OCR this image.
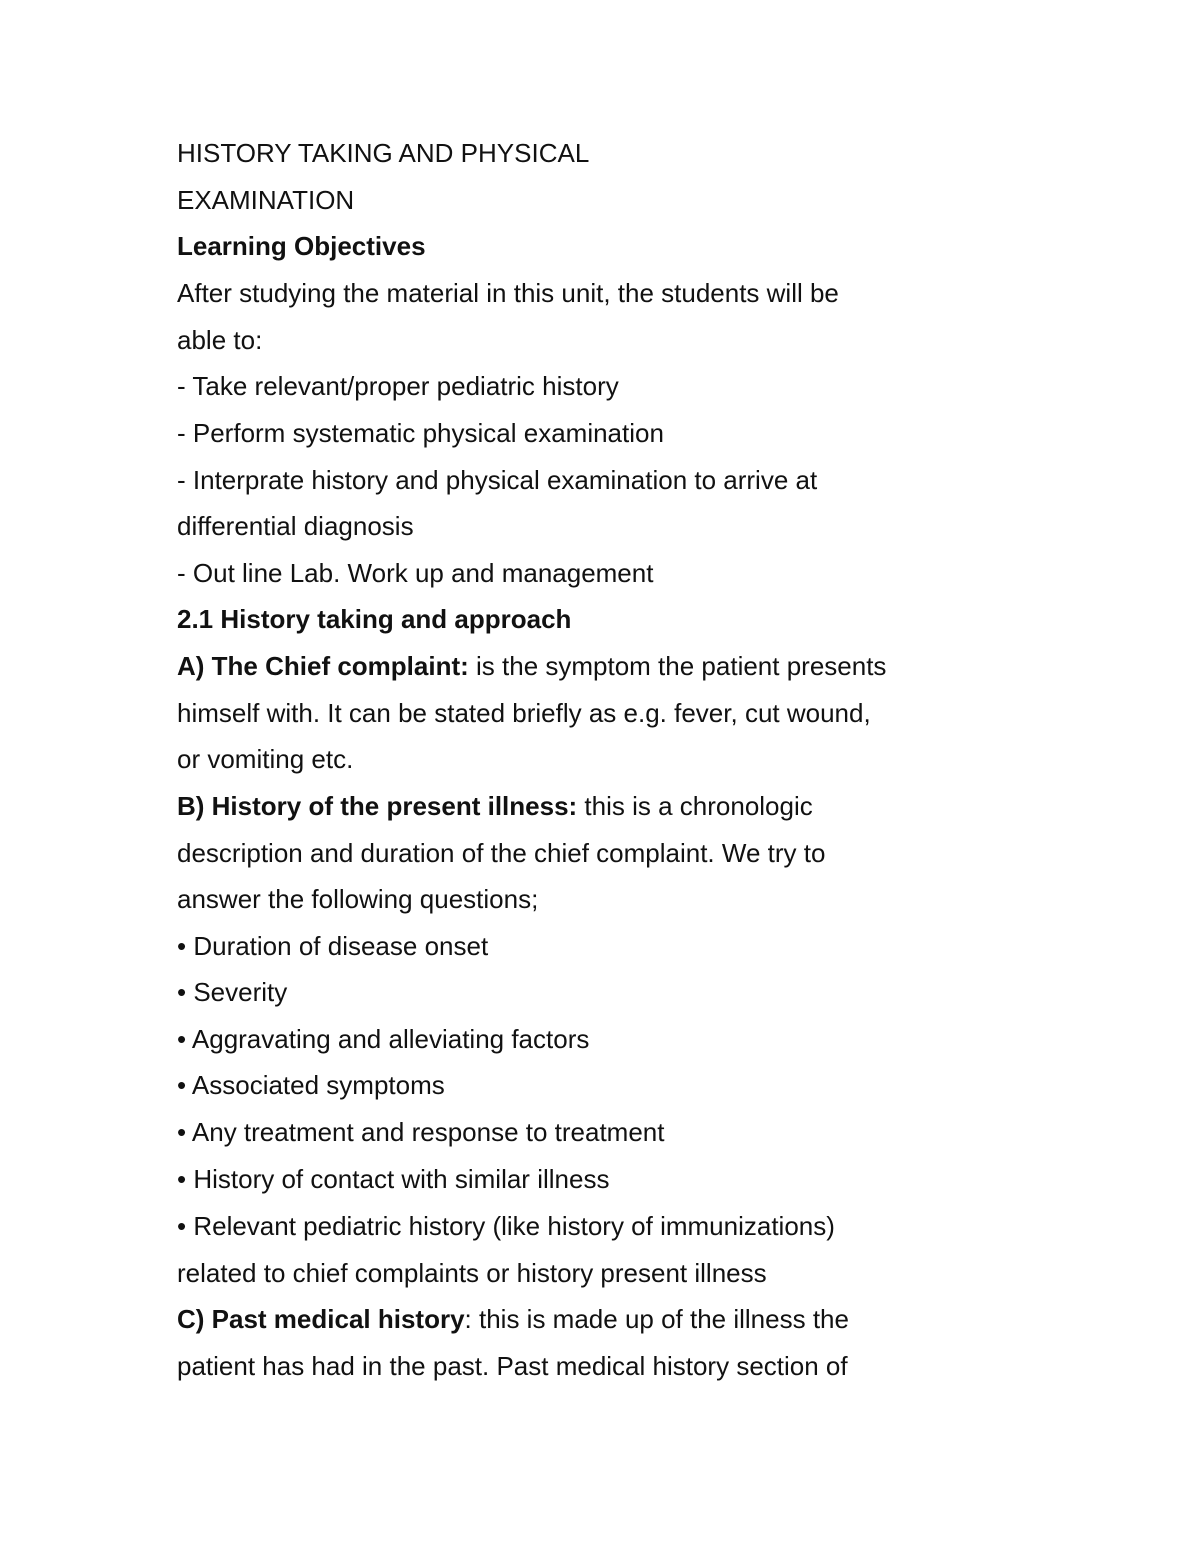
HISTORY TAKING AND PHYSICAL
EXAMINATION
Learning Objectives
After studying the material in this unit, the students will be
able to:
- Take relevant/proper pediatric history
- Perform systematic physical examination
- Interprate history and physical examination to arrive at
differential diagnosis
- Out line Lab. Work up and management
2.1 History taking and approach
A) The Chief complaint: is the symptom the patient presents
himself with. It can be stated briefly as e.g. fever, cut wound,
or vomiting etc.
B) History of the present illness: this is a chronologic
description and duration of the chief complaint. We try to
answer the following questions;
• Duration of disease onset
• Severity
• Aggravating and alleviating factors
• Associated symptoms
• Any treatment and response to treatment
• History of contact with similar illness
• Relevant pediatric history (like history of immunizations)
related to chief complaints or history present illness
C) Past medical history: this is made up of the illness the
patient has had in the past. Past medical history section of
